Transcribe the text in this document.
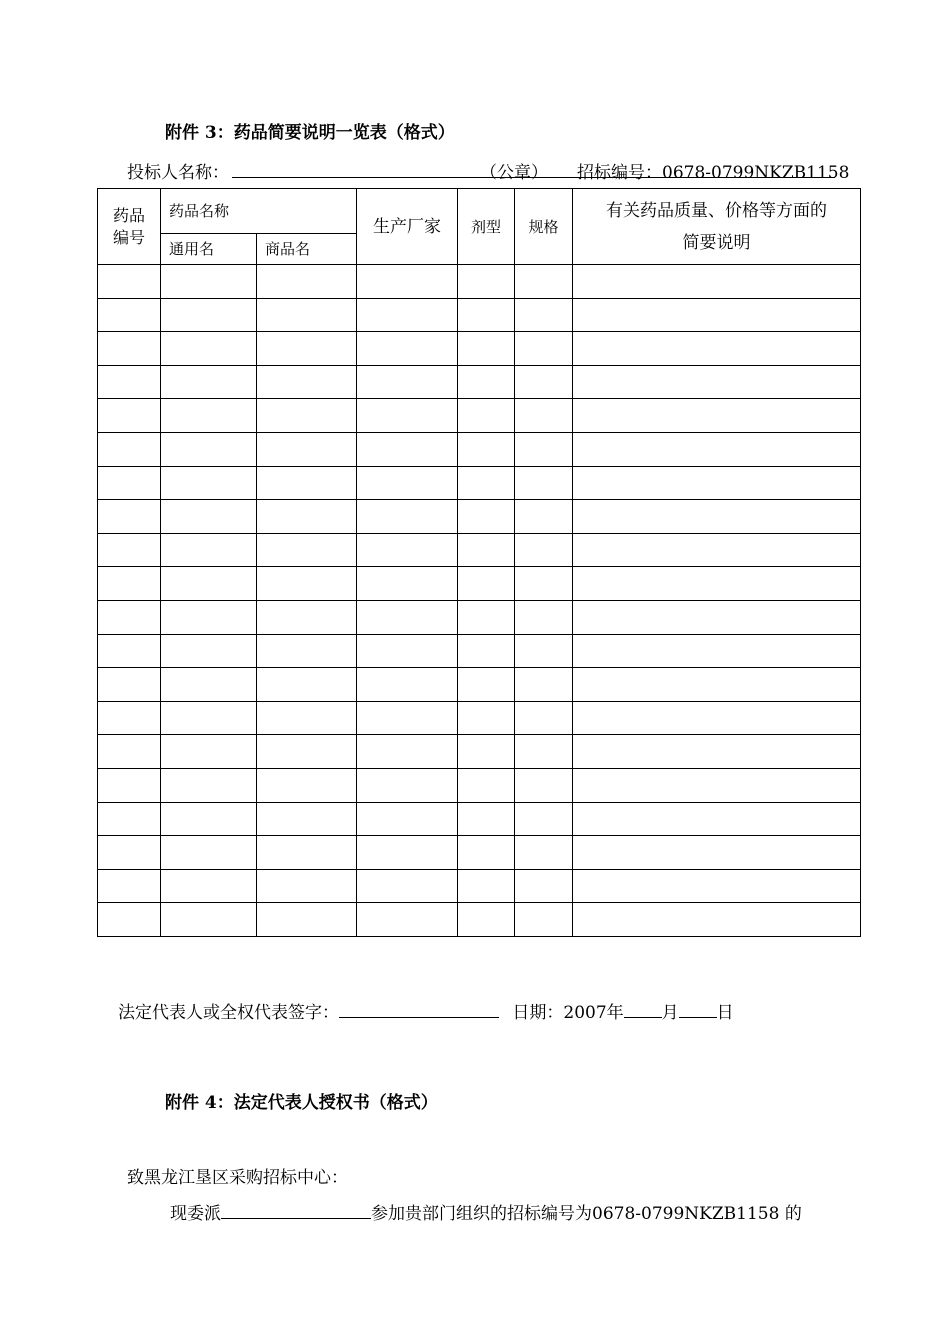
附件 3：药品简要说明一览表（格式）
投标人名称：	（公章） 招标编号：0678-0799NKZB1158
药品编号	药品名称		生产厂家	剂型	规格	有关药品质量、价格等方面的
简要说明

	通用名	商品名				

法定代表人或全权代表签字：	日期：2007年 月 日
附件 4：法定代表人授权书（格式）
致黑龙江垦区采购招标中心：
现委派	参加贵部门组织的招标编号为0678-0799NKZB1158 的
